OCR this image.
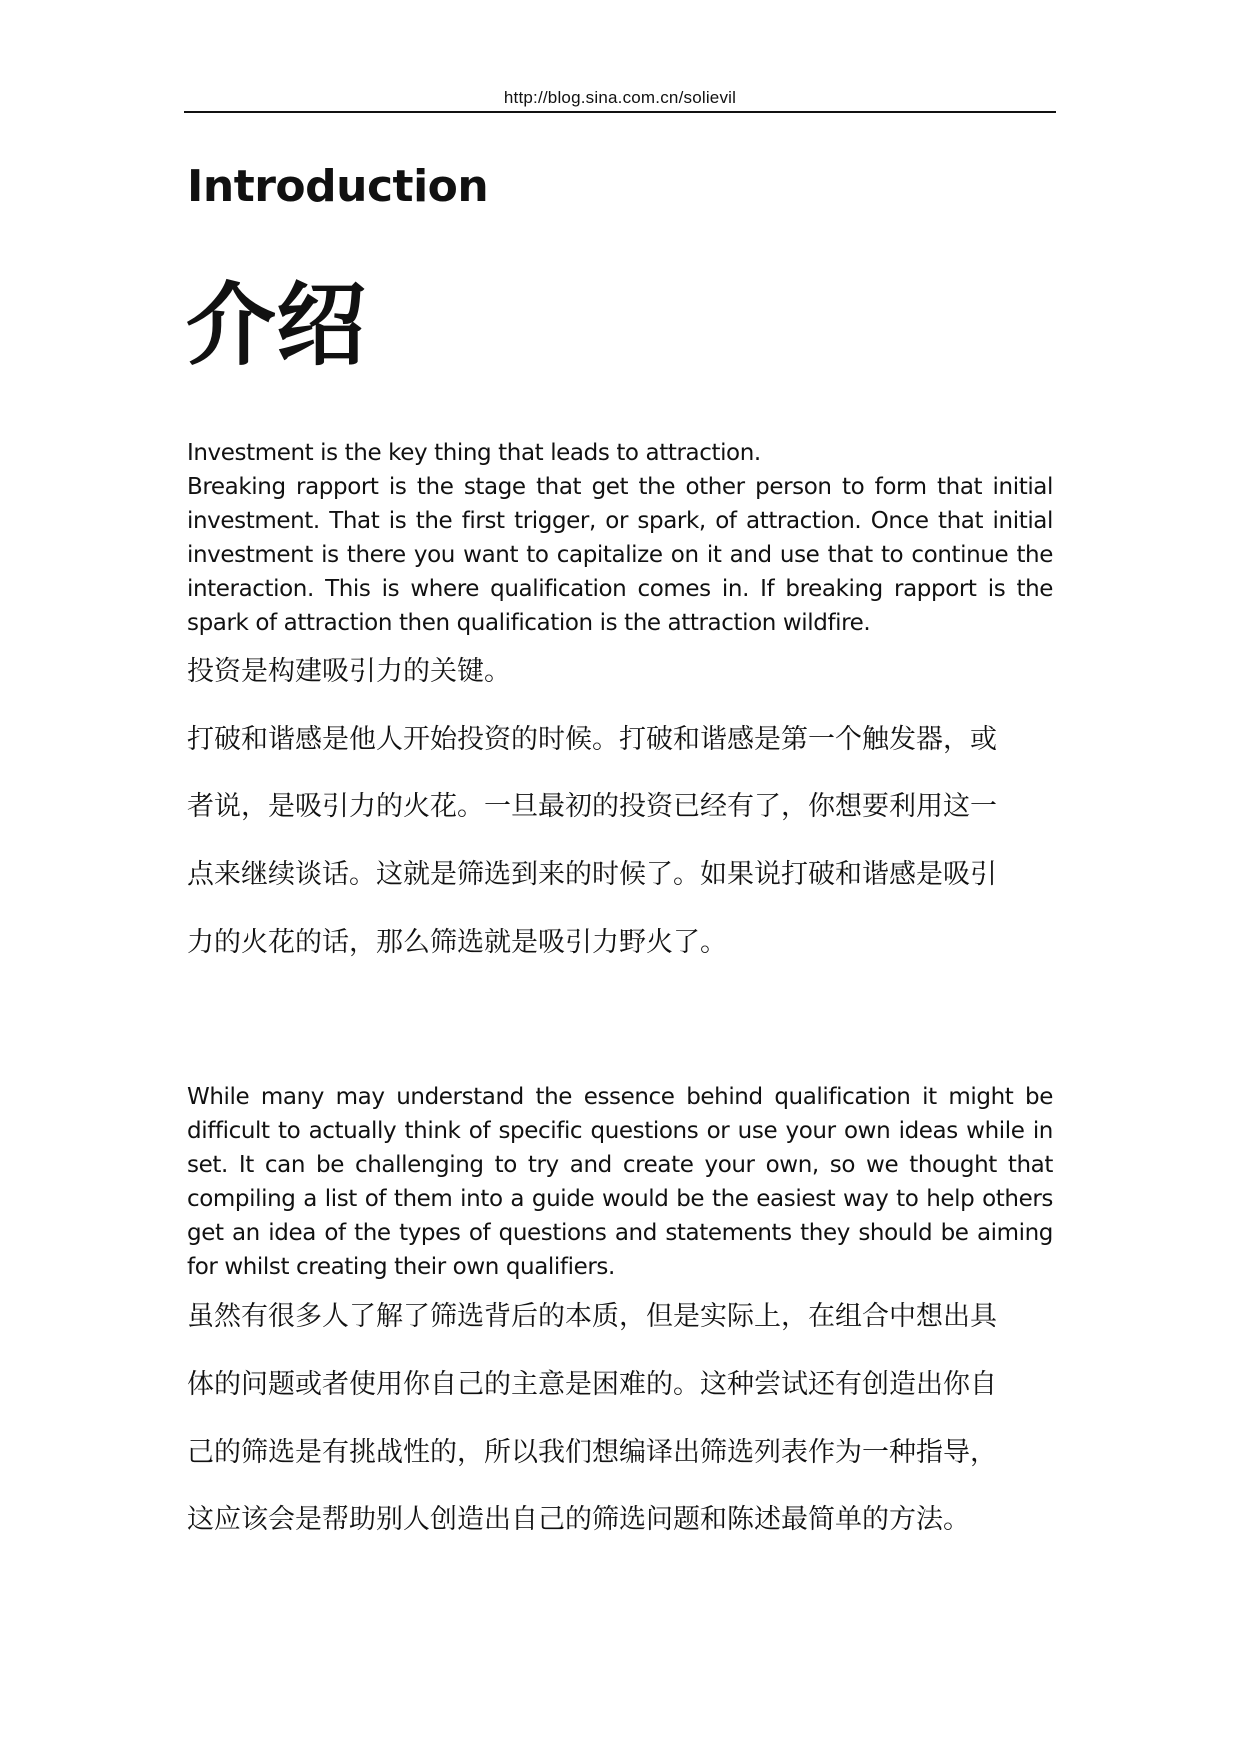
http://blog.sina.com.cn/solievil
Introduction
介绍

Investment is the key thing that leads to attraction.

Breaking rapport is the stage that get the other person to form that initial investment. That is the first trigger, or spark, of attraction. Once that initial investment is there you want to capitalize on it and use that to continue the interaction. This is where qualification comes in. If breaking rapport is the spark of attraction then qualification is the attraction wildfire.

投资是构建吸引力的关键。

打破和谐感是他人开始投资的时候。打破和谐感是第一个触发器，或

者说，是吸引力的火花。一旦最初的投资已经有了，你想要利用这一

点来继续谈话。这就是筛选到来的时候了。如果说打破和谐感是吸引

力的火花的话，那么筛选就是吸引力野火了。

While many may understand the essence behind qualification it might be difficult to actually think of specific questions or use your own ideas while in set. It can be challenging to try and create your own, so we thought that compiling a list of them into a guide would be the easiest way to help others get an idea of the types of questions and statements they should be aiming for whilst creating their own qualifiers.

虽然有很多人了解了筛选背后的本质，但是实际上，在组合中想出具

体的问题或者使用你自己的主意是困难的。这种尝试还有创造出你自

己的筛选是有挑战性的，所以我们想编译出筛选列表作为一种指导，

这应该会是帮助别人创造出自己的筛选问题和陈述最简单的方法。
